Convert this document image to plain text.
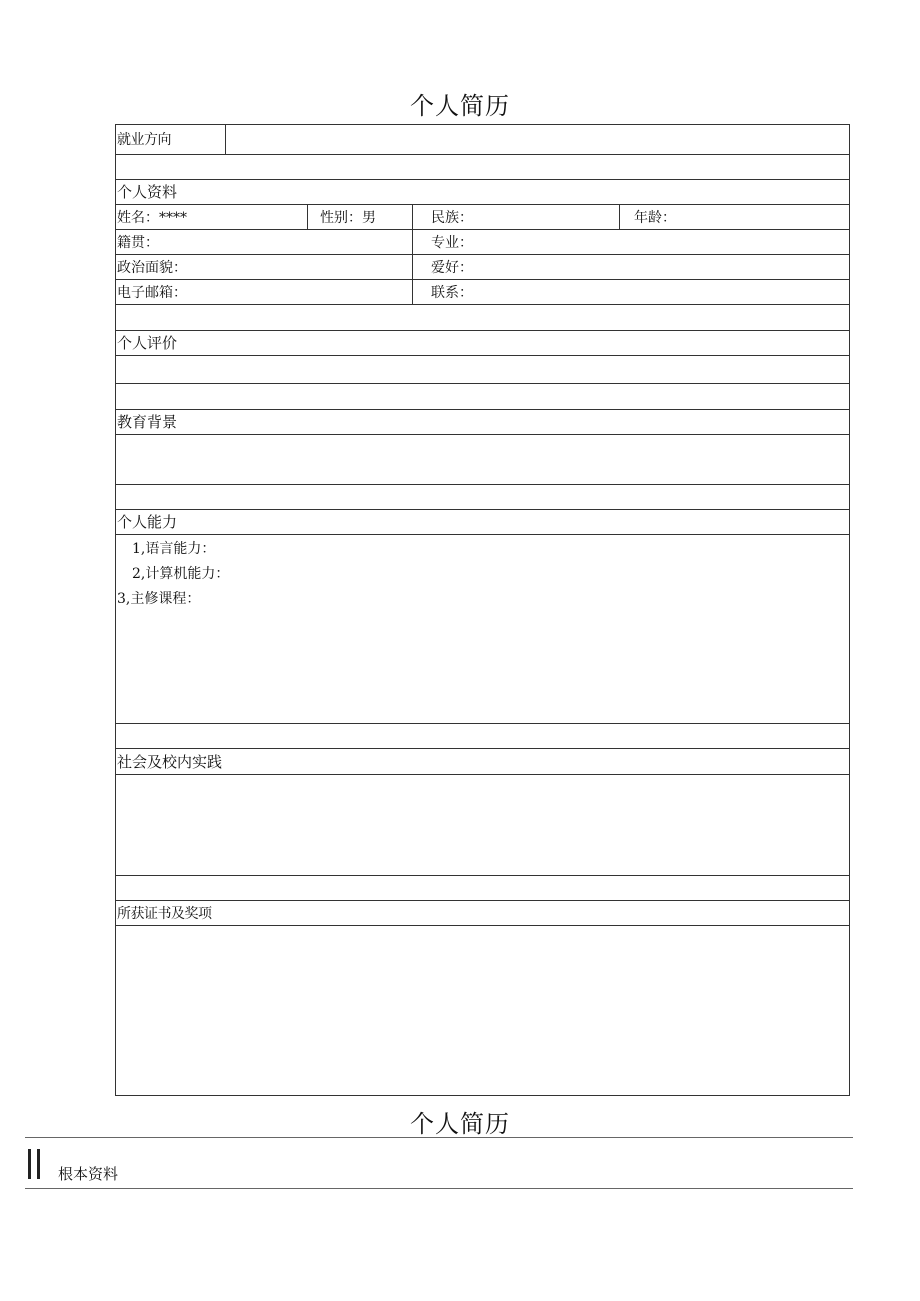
个人简历
就业方向
个人资料
姓名：****	性别：男	民族：	年龄：
籍贯：	专业：
政治面貌：	爱好：
电子邮箱：	联系：
个人评价
教育背景
个人能力
1,语言能力：
2,计算机能力：
3,主修课程：
社会及校内实践
所获证书及奖项
个人简历
根本资料
